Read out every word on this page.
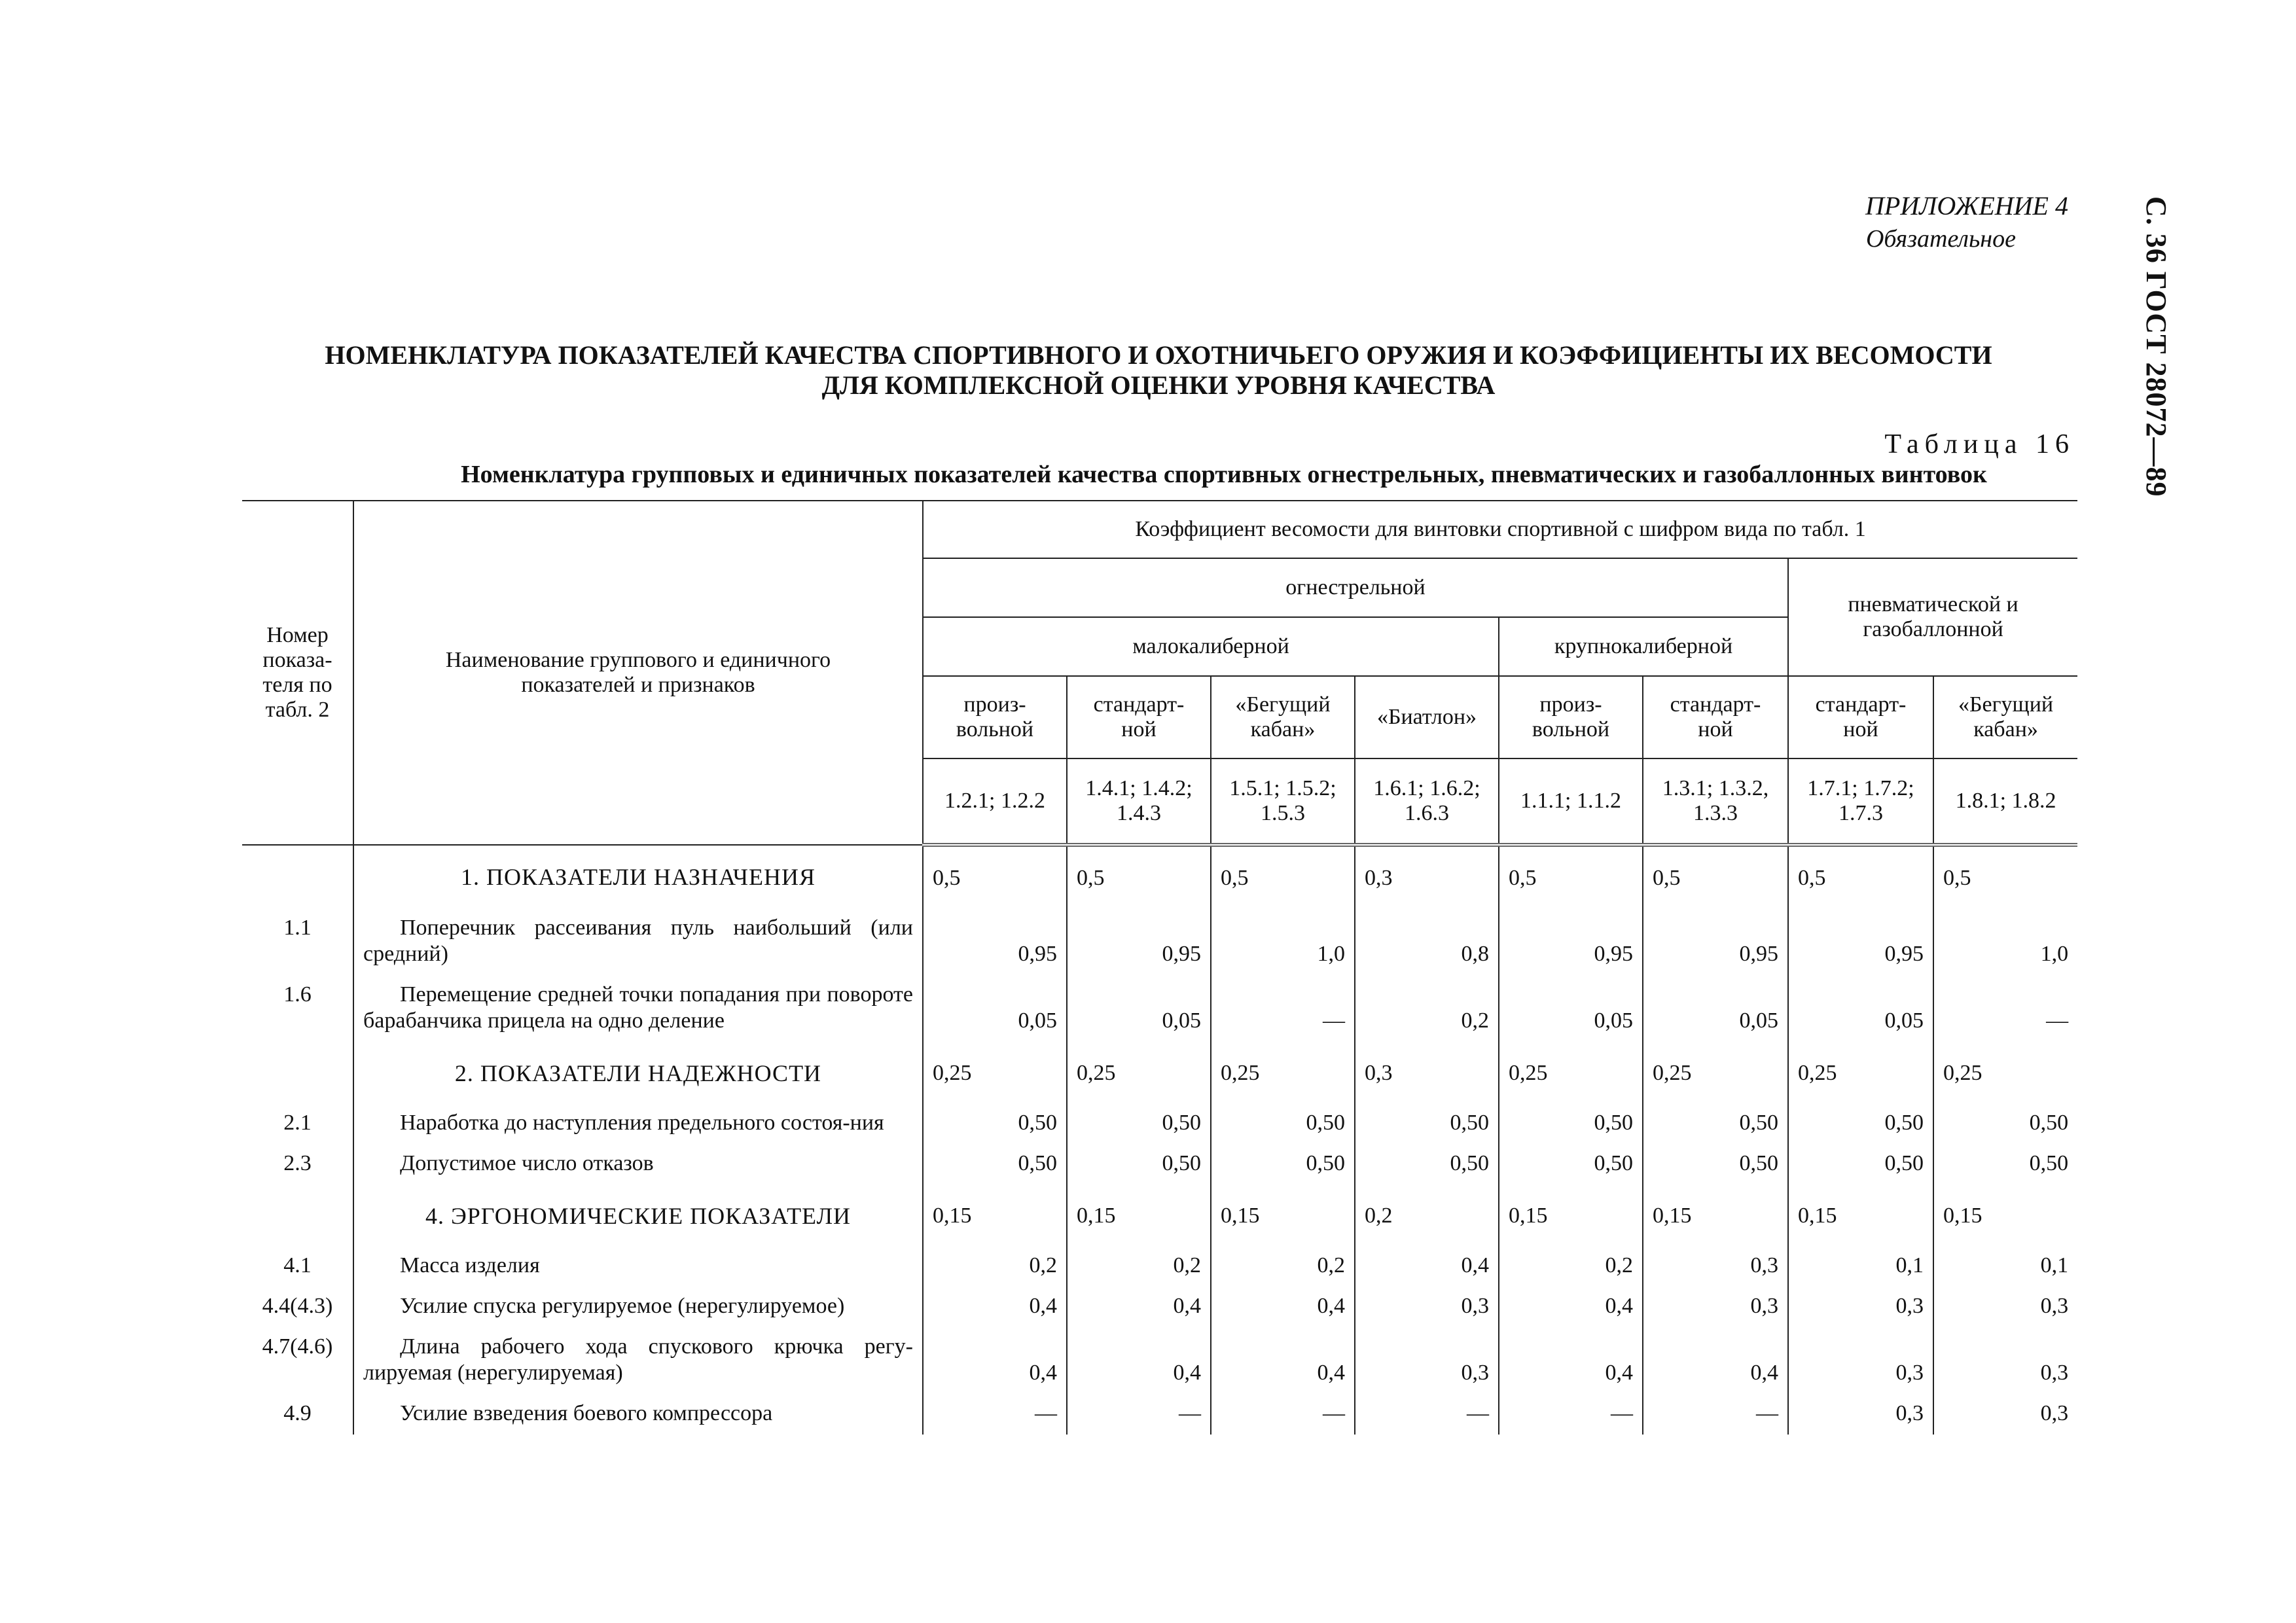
ПРИЛОЖЕНИЕ 4
Обязательное	С. 36 ГОСТ 28072—89
НОМЕНКЛАТУРА ПОКАЗАТЕЛЕЙ КАЧЕСТВА СПОРТИВНОГО И ОХОТНИЧЬЕГО ОРУЖИЯ И КОЭФФИЦИЕНТЫ ИХ ВЕСОМОСТИ
ДЛЯ КОМПЛЕКСНОЙ ОЦЕНКИ УРОВНЯ КАЧЕСТВА
Таблица 16
Номенклатура групповых и единичных показателей качества спортивных огнестрельных, пневматических и газобаллонных винтовок
Номер показа-теля по табл. 2	Наименование группового и единичного показателей и признаков	Коэффициент весомости для винтовки спортивной с шифром вида по табл. 1							
		огнестрельной						пневматической и газобаллонной	
		малокалиберной				крупнокалиберной			
		произ-вольной	стандарт-ной	«Бегущий кабан»	«Биатлон»	произ-вольной	стандарт-ной	стандарт-ной	«Бегущий кабан»
		1.2.1; 1.2.2	1.4.1; 1.4.2; 1.4.3	1.5.1; 1.5.2; 1.5.3	1.6.1; 1.6.2; 1.6.3	1.1.1; 1.1.2	1.3.1; 1.3.2, 1.3.3	1.7.1; 1.7.2; 1.7.3	1.8.1; 1.8.2

	1. ПОКАЗАТЕЛИ НАЗНАЧЕНИЯ	0,5	0,5	0,5	0,3	0,5	0,5	0,5	0,5
1.1	Поперечник рассеивания пуль наибольший (или средний)	0,95	0,95	1,0	0,8	0,95	0,95	0,95	1,0
1.6	Перемещение средней точки попадания при повороте барабанчика прицела на одно деление	0,05	0,05	—	0,2	0,05	0,05	0,05	—

	2. ПОКАЗАТЕЛИ НАДЕЖНОСТИ	0,25	0,25	0,25	0,3	0,25	0,25	0,25	0,25
2.1	Наработка до наступления предельного состоя-ния	0,50	0,50	0,50	0,50	0,50	0,50	0,50	0,50
2.3	Допустимое число отказов	0,50	0,50	0,50	0,50	0,50	0,50	0,50	0,50

	4. ЭРГОНОМИЧЕСКИЕ ПОКАЗАТЕЛИ	0,15	0,15	0,15	0,2	0,15	0,15	0,15	0,15
4.1	Масса изделия	0,2	0,2	0,2	0,4	0,2	0,3	0,1	0,1
4.4(4.3)	Усилие спуска регулируемое (нерегулируемое)	0,4	0,4	0,4	0,3	0,4	0,3	0,3	0,3
4.7(4.6)	Длина рабочего хода спускового крючка регу-лируемая (нерегулируемая)	0,4	0,4	0,4	0,3	0,4	0,4	0,3	0,3
4.9	Усилие взведения боевого компрессора	—	—	—	—	—	—	0,3	0,3
